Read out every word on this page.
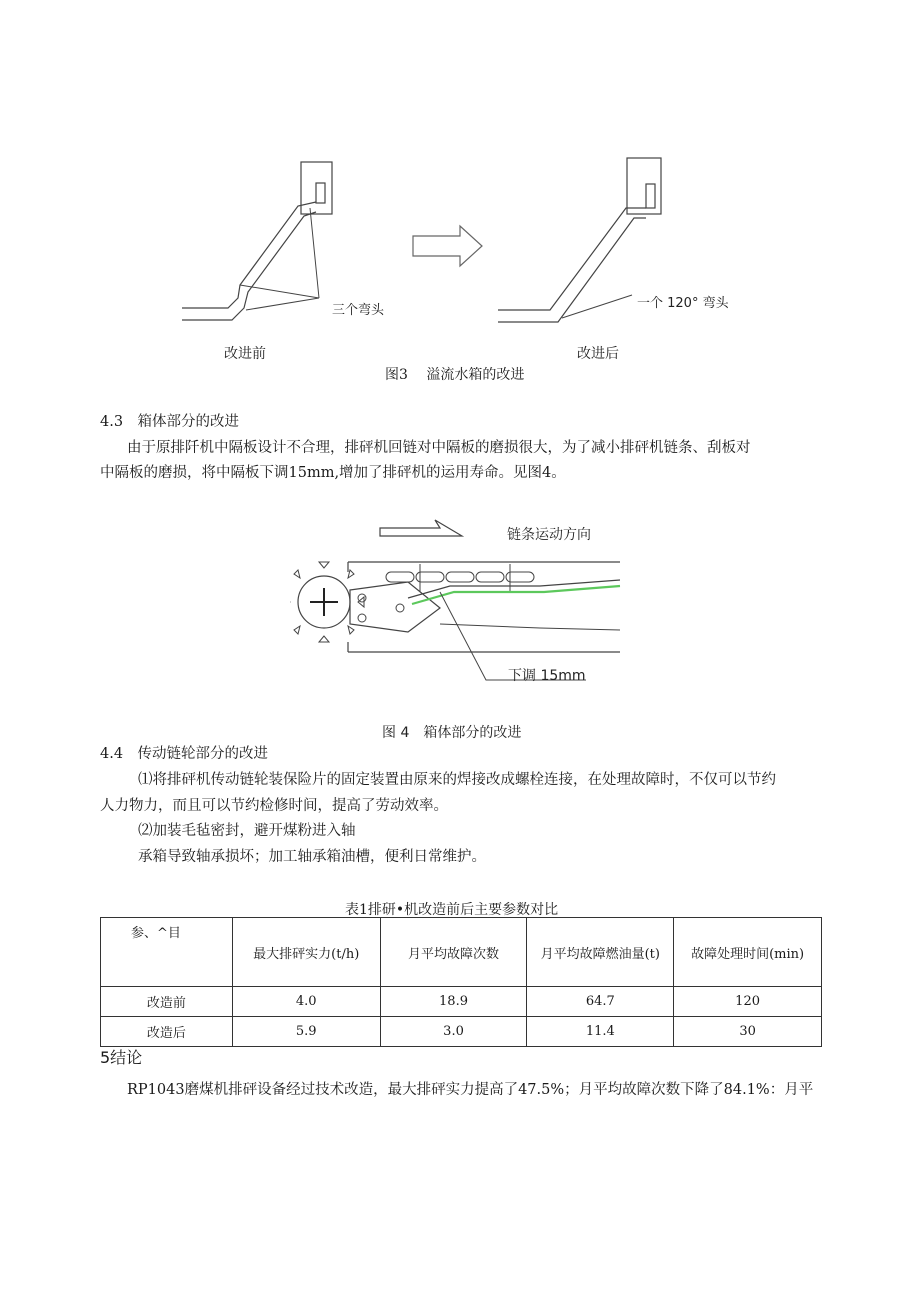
三个弯头	一个 120° 弯头
改进前	改进后
图3　 溢流水箱的改进
4.3　箱体部分的改进
由于原排阡机中隔板设计不合理，排砰机回链对中隔板的磨损很大，为了减小排砰机链条、刮板对
中隔板的磨损，将中隔板下调15mm,增加了排砰机的运用寿命。见图4。
链条运动方向
下调 15mm
图 4　箱体部分的改进
4.4　传动链轮部分的改进
⑴将排砰机传动链轮装保险片的固定装置由原来的焊接改成螺栓连接，在处理故障时，不仅可以节约
人力物力，而且可以节约检修时间，提高了劳动效率。
⑵加装毛毡密封，避开煤粉进入轴
承箱导致轴承损坏；加工轴承箱油槽，便利日常维护。
表1排研•机改造前后主要参数对比
参、^目	最大排砰实力(t/h)	月平均故障次数	月平均故障燃油量(t)	故障处理时间(min)
改造前	4.0	18.9	64.7	120
改造后	5.9	3.0	11.4	30
5结论
RP1043磨煤机排砰设备经过技术改造，最大排砰实力提高了47.5%；月平均故障次数下降了84.1%：月平
